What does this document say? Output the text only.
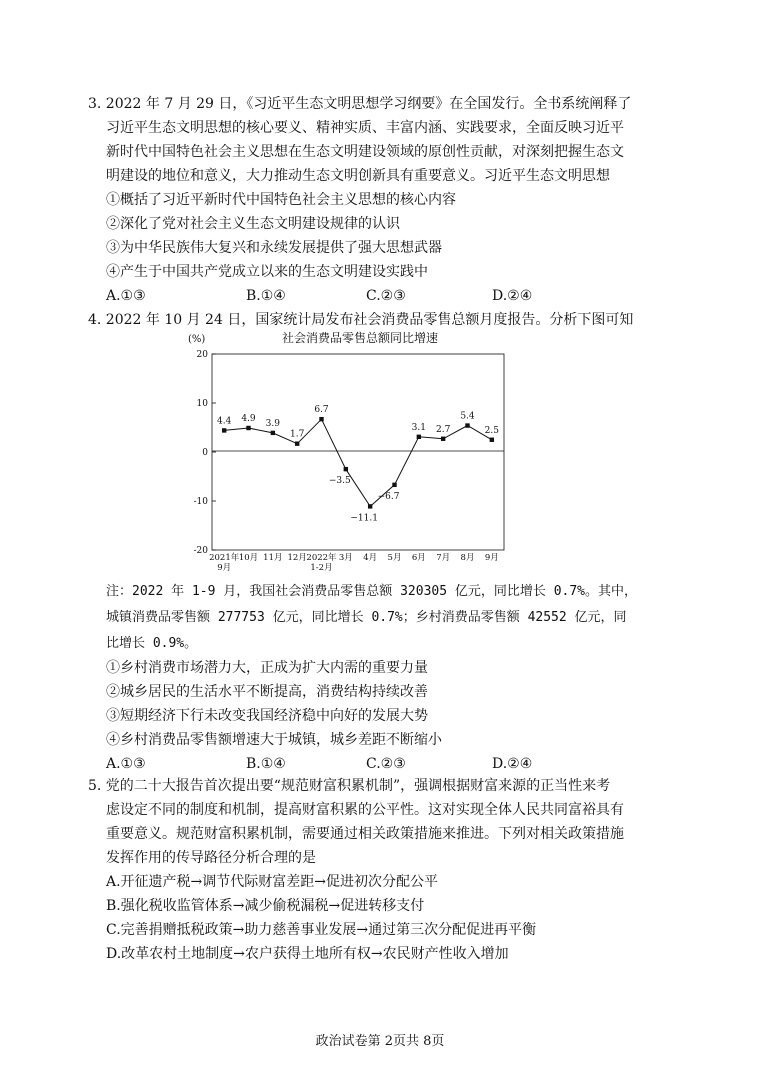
3. 2022 年 7 月 29 日，《习近平生态文明思想学习纲要》在全国发行。全书系统阐释了
习近平生态文明思想的核心要义、精神实质、丰富内涵、实践要求，全面反映习近平
新时代中国特色社会主义思想在生态文明建设领域的原创性贡献，对深刻把握生态文
明建设的地位和意义，大力推动生态文明创新具有重要意义。习近平生态文明思想
①概括了习近平新时代中国特色社会主义思想的核心内容
②深化了党对社会主义生态文明建设规律的认识
③为中华民族伟大复兴和永续发展提供了强大思想武器
④产生于中国共产党成立以来的生态文明建设实践中
A.①③	B.①④	C.②③	D.②④
4. 2022 年 10 月 24 日，国家统计局发布社会消费品零售总额月度报告。分析下图可知
(%)	社会消费品零售总额同比增速
20
10
0
-10
-20
2021年 9月
10月 11月 12月 2022年 1-2月
3月 4月 5月 6月 7月 8月 9月
4.4 4.9 3.9
1.7
6.7
−3.5
−11.1
−6.7
3.1 2.7
5.4
2.5
注：2022 年 1-9 月，我国社会消费品零售总额 320305 亿元，同比增长 0.7%。其中，
城镇消费品零售额 277753 亿元，同比增长 0.7%；乡村消费品零售额 42552 亿元，同
比增长 0.9%。
①乡村消费市场潜力大，正成为扩大内需的重要力量
②城乡居民的生活水平不断提高，消费结构持续改善
③短期经济下行未改变我国经济稳中向好的发展大势
④乡村消费品零售额增速大于城镇，城乡差距不断缩小
A.①③	B.①④	C.②③	D.②④
5. 党的二十大报告首次提出要“规范财富积累机制”，强调根据财富来源的正当性来考
虑设定不同的制度和机制，提高财富积累的公平性。这对实现全体人民共同富裕具有
重要意义。规范财富积累机制，需要通过相关政策措施来推进。下列对相关政策措施
发挥作用的传导路径分析合理的是
A.开征遗产税→调节代际财富差距→促进初次分配公平
B.强化税收监管体系→减少偷税漏税→促进转移支付
C.完善捐赠抵税政策→助力慈善事业发展→通过第三次分配促进再平衡
D.改革农村土地制度→农户获得土地所有权→农民财产性收入增加
政治试卷第 2页共 8页
